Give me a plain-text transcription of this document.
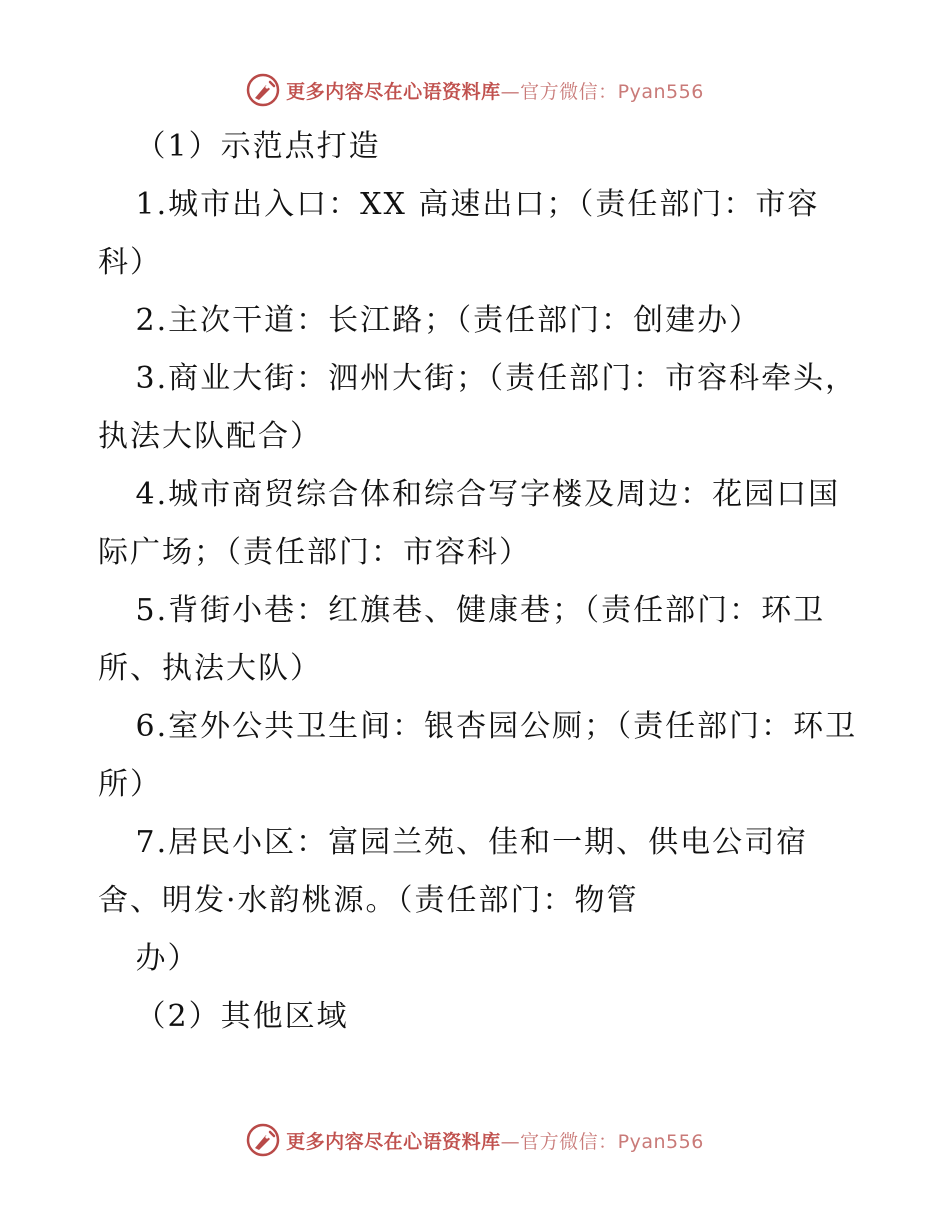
更多内容尽在心语资料库—官方微信：Pyan556

（1）示范点打造

1.城市出入口：XX 高速出口；（责任部门：市容科）

2.主次干道：长江路；（责任部门：创建办）

3.商业大街：泗州大街；（责任部门：市容科牵头，执法大队配合）

4.城市商贸综合体和综合写字楼及周边：花园口国际广场；（责任部门：市容科）

5.背街小巷：红旗巷、健康巷；（责任部门：环卫所、执法大队）

6.室外公共卫生间：银杏园公厕；（责任部门：环卫所）

7.居民小区：富园兰苑、佳和一期、供电公司宿舍、明发·水韵桃源。（责任部门：物管

办）

（2）其他区域

更多内容尽在心语资料库—官方微信：Pyan556
